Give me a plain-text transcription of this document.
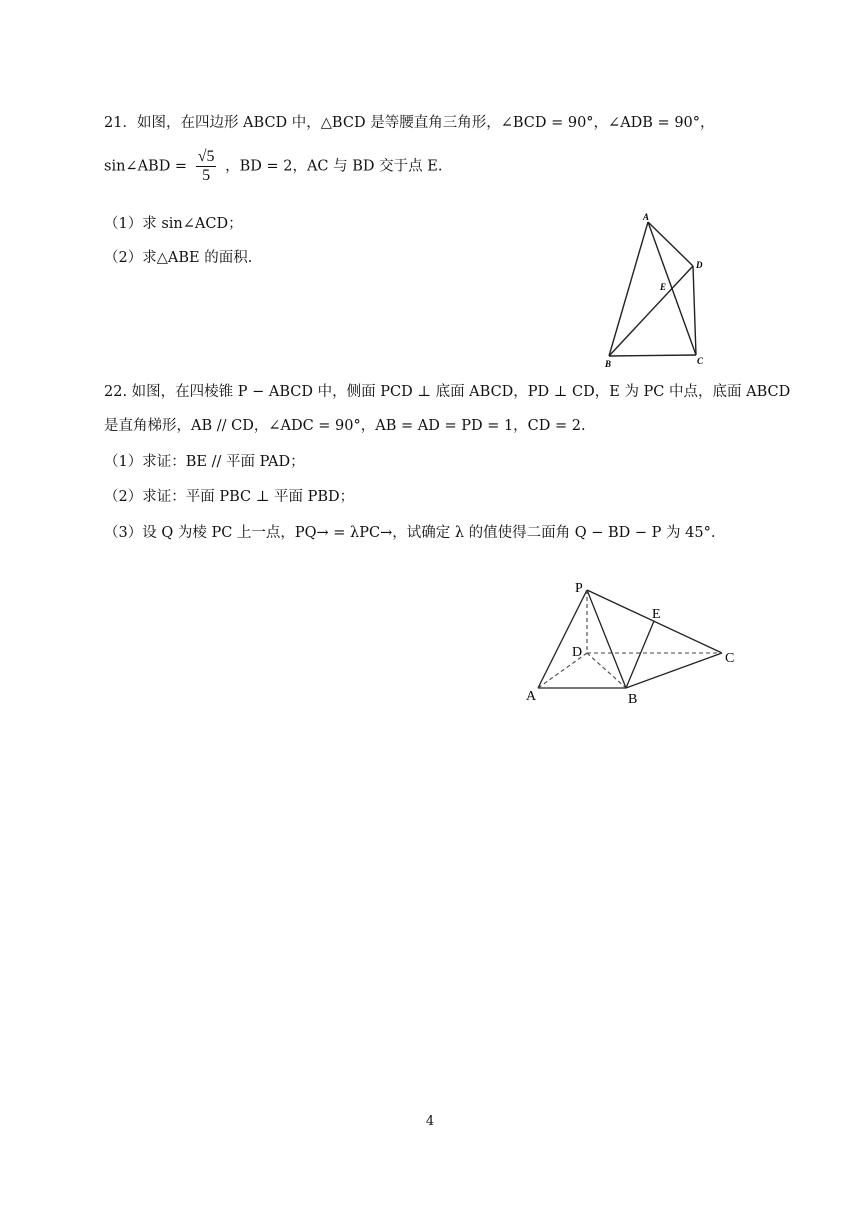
21．如图，在四边形 ABCD 中，△BCD 是等腰直角三角形，∠BCD = 90°，∠ADB = 90°，
sin∠ABD = $\frac{√5}{5}$ ，BD = 2，AC 与 BD 交于点 E.
（1）求 sin∠ACD；
（2）求△ABE 的面积.
A
D
E
B	C
22. 如图，在四棱锥 P − ABCD 中，侧面 PCD ⊥ 底面 ABCD，PD ⊥ CD，E 为 PC 中点，底面 ABCD
是直角梯形，AB // CD，∠ADC = 90°，AB = AD = PD = 1，CD = 2.
（1）求证：BE // 平面 PAD；
（2）求证：平面 PBC ⊥ 平面 PBD；
（3）设 Q 为棱 PC 上一点，PQ→ = λPC→，试确定 λ 的值使得二面角 Q − BD − P 为 45°.
P
E
D	C
A	B
4
